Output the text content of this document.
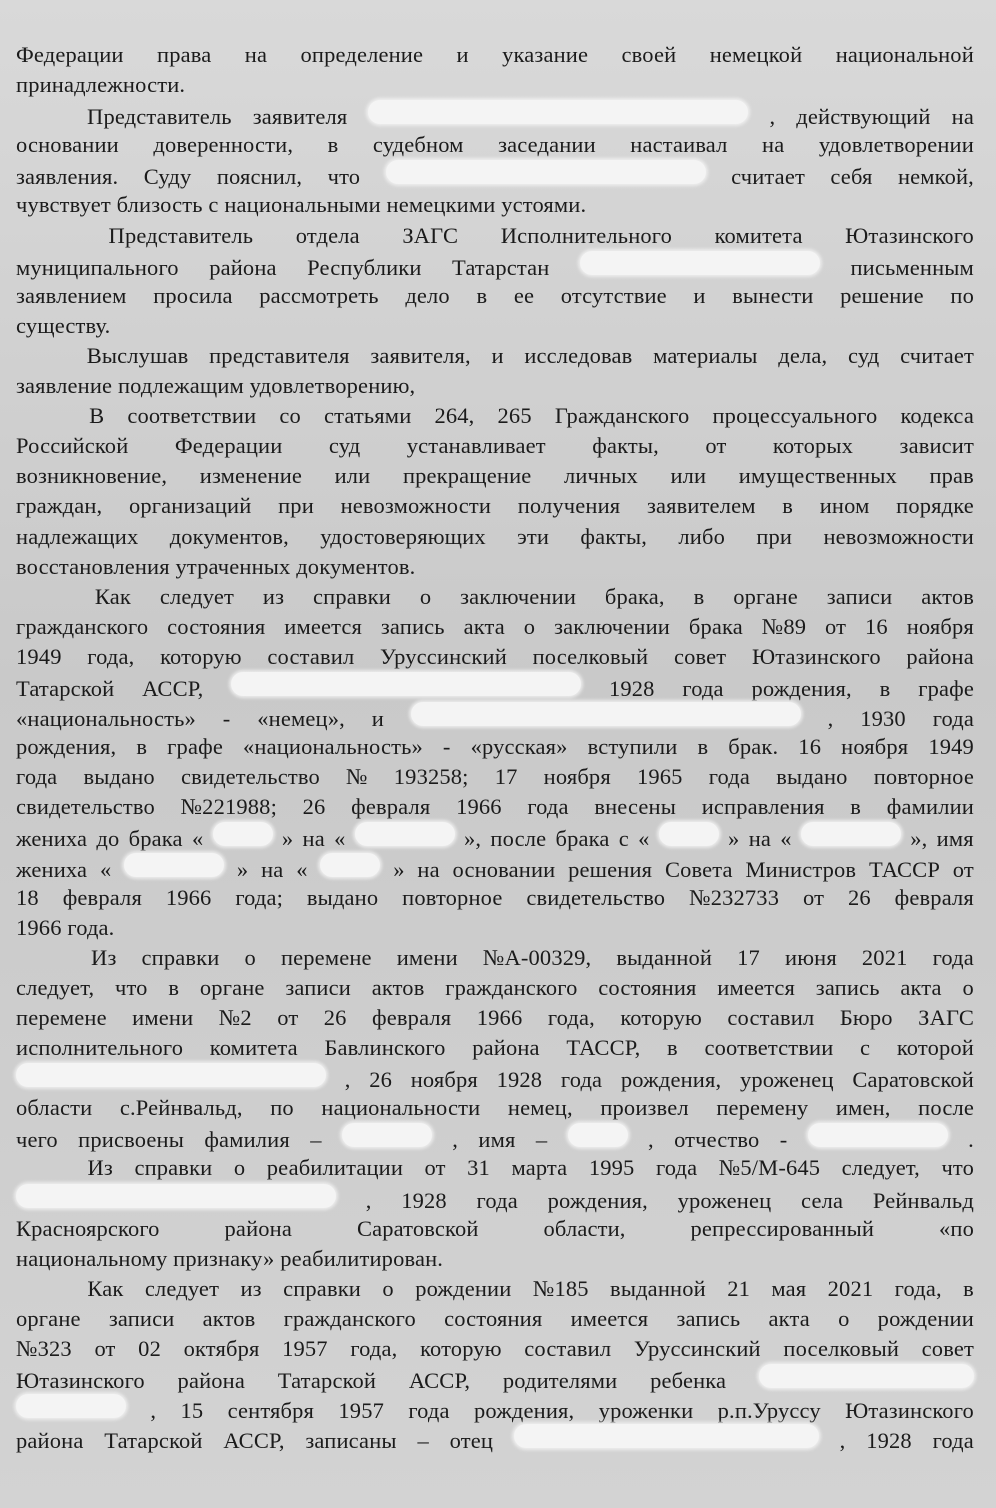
Федерации права на определение и указание своей немецкой национальной
принадлежности.
Представитель заявителя	, действующий на
основании доверенности, в судебном заседании настаивал на удовлетворении
заявления. Суду пояснил, что	считает себя немкой,
чувствует близость с национальными немецкими устоями.
Представитель отдела ЗАГС Исполнительного комитета Ютазинского
муниципального района Республики Татарстан	письменным
заявлением просила рассмотреть дело в ее отсутствие и вынести решение по
существу.
Выслушав представителя заявителя, и исследовав материалы дела, суд считает
заявление подлежащим удовлетворению,
В соответствии со статьями 264, 265 Гражданского процессуального кодекса
Российской Федерации суд устанавливает факты, от которых зависит
возникновение, изменение или прекращение личных или имущественных прав
граждан, организаций при невозможности получения заявителем в ином порядке
надлежащих документов, удостоверяющих эти факты, либо при невозможности
восстановления утраченных документов.
Как следует из справки о заключении брака, в органе записи актов
гражданского состояния имеется запись акта о заключении брака №89 от 16 ноября
1949 года, которую составил Уруссинский поселковый совет Ютазинского района
Татарской АССР,	1928 года рождения, в графе
«национальность» - «немец», и	, 1930 года
рождения, в графе «национальность» - «русская» вступили в брак. 16 ноября 1949
года выдано свидетельство № 193258; 17 ноября 1965 года выдано повторное
свидетельство №221988; 26 февраля 1966 года внесены исправления в фамилии
жениха до брака «	» на «	», после брака с «	» на «	», имя
жениха «	» на «	» на основании решения Совета Министров ТАССР от
18 февраля 1966 года; выдано повторное свидетельство №232733 от 26 февраля
1966 года.
Из справки о перемене имени №А-00329, выданной 17 июня 2021 года
следует, что в органе записи актов гражданского состояния имеется запись акта о
перемене имени №2 от 26 февраля 1966 года, которую составил Бюро ЗАГС
исполнительного комитета Бавлинского района ТАССР, в соответствии с которой
, 26 ноября 1928 года рождения, уроженец Саратовской
области с.Рейнвальд, по национальности немец, произвел перемену имен, после
чего присвоены фамилия –	, имя –	, отчество -	.
Из справки о реабилитации от 31 марта 1995 года №5/М-645 следует, что
, 1928 года рождения, уроженец села Рейнвальд
Красноярского	района	Саратовской	области,	репрессированный	«по
национальному признаку» реабилитирован.
Как следует из справки о рождении №185 выданной 21 мая 2021 года, в
органе записи актов гражданского состояния имеется запись акта о рождении
№323 от 02 октября 1957 года, которую составил Уруссинский поселковый совет
Ютазинского района Татарской АССР, родителями ребенка
, 15 сентября 1957 года рождения, уроженки р.п.Уруссу Ютазинского
района Татарской АССР, записаны – отец	, 1928 года
